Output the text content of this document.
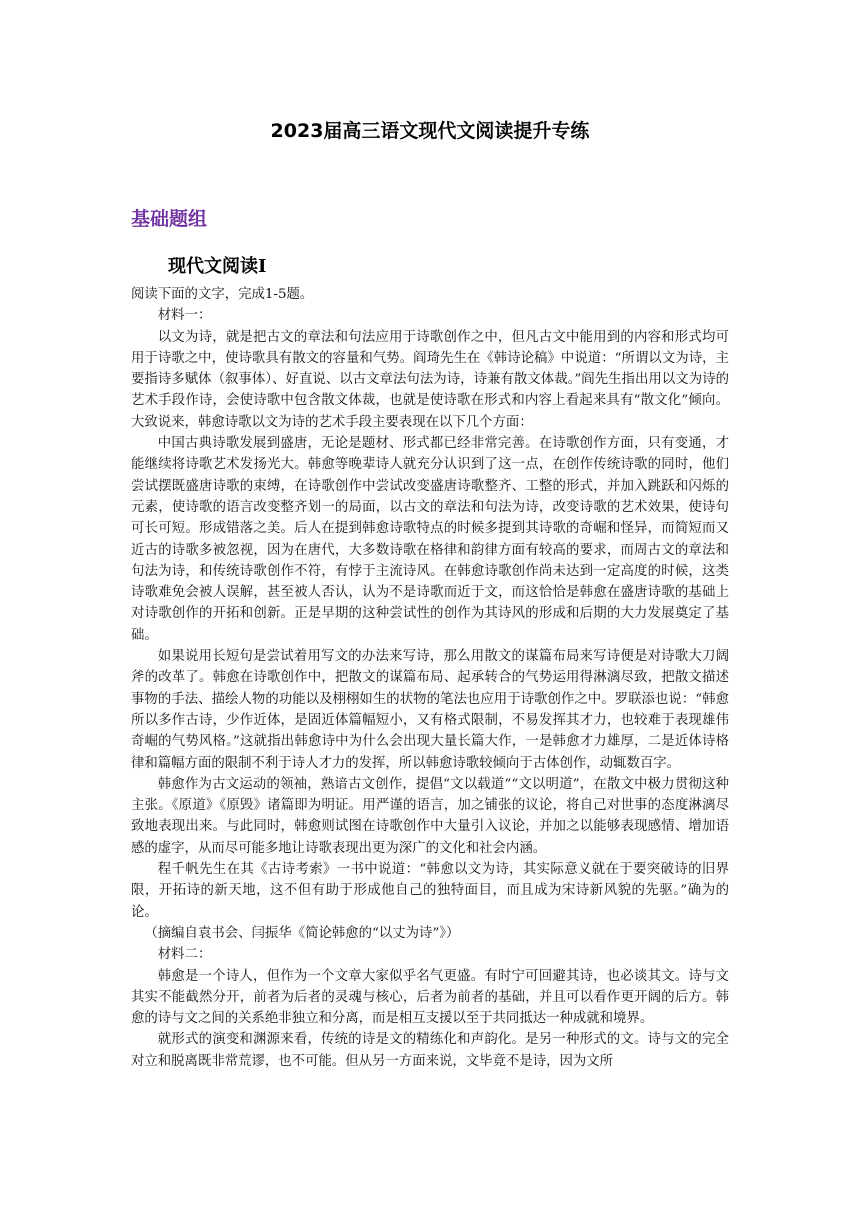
2023届高三语文现代文阅读提升专练
基础题组
现代文阅读Ⅰ

阅读下面的文字，完成1-5题。

材料一：

以文为诗，就是把古文的章法和句法应用于诗歌创作之中，但凡古文中能用到的内容和形式均可用于诗歌之中，使诗歌具有散文的容量和气势。阎琦先生在《韩诗论稿》中说道：“所谓以文为诗，主要指诗多赋体（叙事体）、好直说、以古文章法句法为诗，诗兼有散文体裁。”阎先生指出用以文为诗的艺术手段作诗，会使诗歌中包含散文体裁，也就是使诗歌在形式和内容上看起来具有“散文化”倾向。大致说来，韩愈诗歌以文为诗的艺术手段主要表现在以下几个方面：

中国古典诗歌发展到盛唐，无论是题材、形式都已经非常完善。在诗歌创作方面，只有变通，才能继续将诗歌艺术发扬光大。韩愈等晚辈诗人就充分认识到了这一点，在创作传统诗歌的同时，他们尝试摆既盛唐诗歌的束缚，在诗歌创作中尝试改变盛唐诗歌整齐、工整的形式，并加入跳跃和闪烁的元素，使诗歌的语言改变整齐划一的局面，以古文的章法和句法为诗，改变诗歌的艺术效果，使诗句可长可短。形成错落之美。后人在提到韩愈诗歌特点的时候多提到其诗歌的奇崛和怪异，而简短而又近古的诗歌多被忽视，因为在唐代，大多数诗歌在格律和韵律方面有较高的要求，而周古文的章法和句法为诗，和传统诗歌创作不符，有悖于主流诗风。在韩愈诗歌创作尚未达到一定高度的时候，这类诗歌难免会被人误解，甚至被人否认，认为不是诗歌而近于文，而这恰恰是韩愈在盛唐诗歌的基础上对诗歌创作的开拓和创新。正是早期的这种尝试性的创作为其诗风的形成和后期的大力发展奠定了基础。

如果说用长短句是尝试着用写文的办法来写诗，那么用散文的谋篇布局来写诗便是对诗歌大刀阔斧的改革了。韩愈在诗歌创作中，把散文的谋篇布局、起承转合的气势运用得淋漓尽致，把散文描述事物的手法、描绘人物的功能以及栩栩如生的状物的笔法也应用于诗歌创作之中。罗联添也说：“韩愈所以多作古诗，少作近体，是固近体篇幅短小，又有格式限制，不易发挥其才力，也较难于表现雄伟奇崛的气势风格。”这就指出韩愈诗中为什么会出现大量长篇大作，一是韩愈才力雄厚，二是近体诗格律和篇幅方面的限制不利于诗人才力的发挥，所以韩愈诗歌较倾向于古体创作，动辄数百字。

韩愈作为古文运动的领袖，熟谙古文创作，提倡“文以载道”“文以明道”，在散文中极力贯彻这种主张。《原道》《原毁》诸篇即为明证。用严谨的语言，加之铺张的议论，将自己对世事的态度淋漓尽致地表现出来。与此同时，韩愈则试图在诗歌创作中大量引入议论，并加之以能够表现感情、增加语感的虚字，从而尽可能多地让诗歌表现出更为深广的文化和社会内涵。

程千帆先生在其《古诗考索》一书中说道：“韩愈以文为诗，其实际意义就在于要突破诗的旧界限，开拓诗的新天地，这不但有助于形成他自己的独特面目，而且成为宋诗新风貌的先驱。”确为的论。

（摘编自袁书会、闫振华《简论韩愈的“以丈为诗”》）

材料二：

韩愈是一个诗人，但作为一个文章大家似乎名气更盛。有时宁可回避其诗，也必谈其文。诗与文其实不能截然分开，前者为后者的灵魂与核心，后者为前者的基础，并且可以看作更开阔的后方。韩愈的诗与文之间的关系绝非独立和分离，而是相互支援以至于共同抵达一种成就和境界。

就形式的演变和渊源来看，传统的诗是文的精练化和声韵化。是另一种形式的文。诗与文的完全对立和脱离既非常荒谬，也不可能。但从另一方面来说，文毕竟不是诗，因为文所
